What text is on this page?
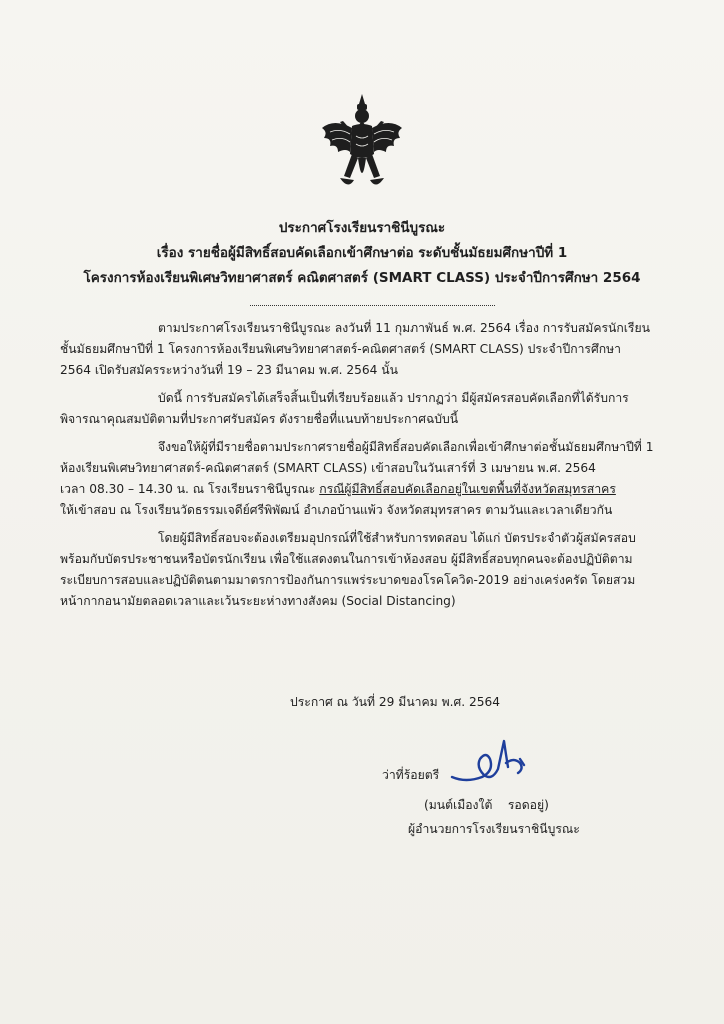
ประกาศโรงเรียนราชินีบูรณะ
เรื่อง รายชื่อผู้มีสิทธิ์สอบคัดเลือกเข้าศึกษาต่อ ระดับชั้นมัธยมศึกษาปีที่ 1
โครงการห้องเรียนพิเศษวิทยาศาสตร์ คณิตศาสตร์ (SMART CLASS) ประจำปีการศึกษา 2564
ตามประกาศโรงเรียนราชินีบูรณะ ลงวันที่ 11 กุมภาพันธ์ พ.ศ. 2564 เรื่อง การรับสมัครนักเรียน
ชั้นมัธยมศึกษาปีที่ 1 โครงการห้องเรียนพิเศษวิทยาศาสตร์-คณิตศาสตร์ (SMART CLASS) ประจำปีการศึกษา
2564 เปิดรับสมัครระหว่างวันที่ 19 – 23 มีนาคม พ.ศ. 2564 นั้น
บัดนี้ การรับสมัครได้เสร็จสิ้นเป็นที่เรียบร้อยแล้ว ปรากฏว่า มีผู้สมัครสอบคัดเลือกที่ได้รับการ
พิจารณาคุณสมบัติตามที่ประกาศรับสมัคร ดังรายชื่อที่แนบท้ายประกาศฉบับนี้
จึงขอให้ผู้ที่มีรายชื่อตามประกาศรายชื่อผู้มีสิทธิ์สอบคัดเลือกเพื่อเข้าศึกษาต่อชั้นมัธยมศึกษาปีที่ 1
ห้องเรียนพิเศษวิทยาศาสตร์-คณิตศาสตร์ (SMART CLASS) เข้าสอบในวันเสาร์ที่ 3 เมษายน พ.ศ. 2564
เวลา 08.30 – 14.30 น. ณ โรงเรียนราชินีบูรณะ กรณีผู้มีสิทธิ์สอบคัดเลือกอยู่ในเขตพื้นที่จังหวัดสมุทรสาคร
ให้เข้าสอบ ณ โรงเรียนวัดธรรมเจดีย์ศรีพิพัฒน์ อำเภอบ้านแพ้ว จังหวัดสมุทรสาคร ตามวันและเวลาเดียวกัน
โดยผู้มีสิทธิ์สอบจะต้องเตรียมอุปกรณ์ที่ใช้สำหรับการทดสอบ ได้แก่ บัตรประจำตัวผู้สมัครสอบ
พร้อมกับบัตรประชาชนหรือบัตรนักเรียน เพื่อใช้แสดงตนในการเข้าห้องสอบ ผู้มีสิทธิ์สอบทุกคนจะต้องปฏิบัติตาม
ระเบียบการสอบและปฏิบัติตนตามมาตรการป้องกันการแพร่ระบาดของโรคโควิด-2019 อย่างเคร่งครัด โดยสวม
หน้ากากอนามัยตลอดเวลาและเว้นระยะห่างทางสังคม (Social Distancing)
ประกาศ ณ วันที่ 29 มีนาคม พ.ศ. 2564
ว่าที่ร้อยตรี
(มนต์เมืองใต้    รอดอยู่)
ผู้อำนวยการโรงเรียนราชินีบูรณะ
